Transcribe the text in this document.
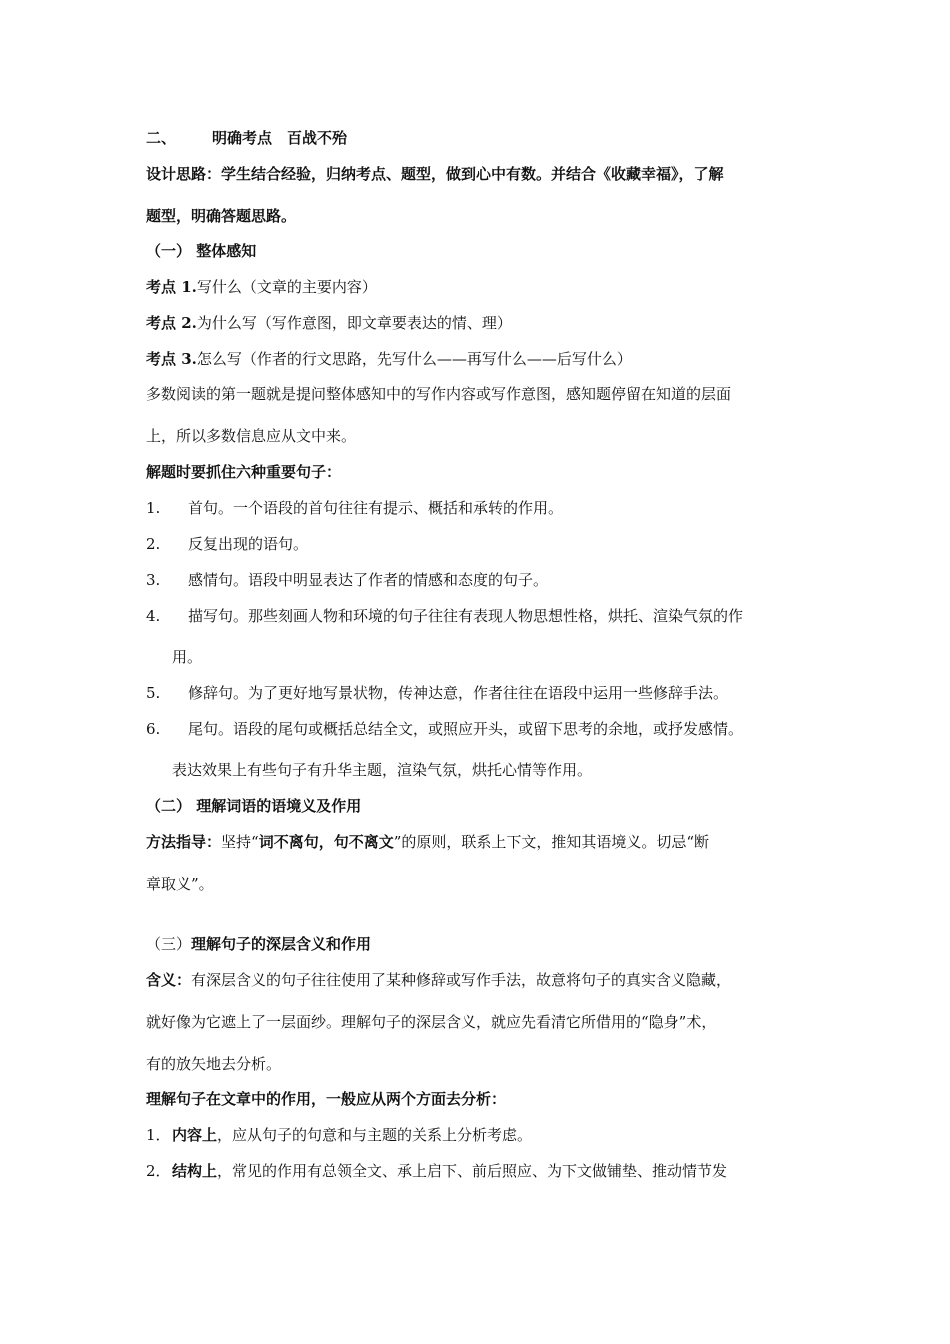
二、 明确考点　百战不殆
设计思路：学生结合经验，归纳考点、题型，做到心中有数。并结合《收藏幸福》，了解
题型，明确答题思路。
（一） 整体感知
考点 1.写什么（文章的主要内容）
考点 2.为什么写（写作意图，即文章要表达的情、理）
考点 3.怎么写（作者的行文思路，先写什么——再写什么——后写什么）
多数阅读的第一题就是提问整体感知中的写作内容或写作意图，感知题停留在知道的层面
上，所以多数信息应从文中来。
解题时要抓住六种重要句子：
1. 首句。一个语段的首句往往有提示、概括和承转的作用。
2. 反复出现的语句。
3. 感情句。语段中明显表达了作者的情感和态度的句子。
4. 描写句。那些刻画人物和环境的句子往往有表现人物思想性格，烘托、渲染气氛的作
用。
5. 修辞句。为了更好地写景状物，传神达意，作者往往在语段中运用一些修辞手法。
6. 尾句。语段的尾句或概括总结全文，或照应开头，或留下思考的余地，或抒发感情。
表达效果上有些句子有升华主题，渲染气氛，烘托心情等作用。
（二） 理解词语的语境义及作用
方法指导：坚持“词不离句，句不离文”的原则，联系上下文，推知其语境义。切忌“断
章取义”。
（三）理解句子的深层含义和作用
含义：有深层含义的句子往往使用了某种修辞或写作手法，故意将句子的真实含义隐藏，
就好像为它遮上了一层面纱。理解句子的深层含义，就应先看清它所借用的“隐身”术，
有的放矢地去分析。
理解句子在文章中的作用，一般应从两个方面去分析：
1．内容上，应从句子的句意和与主题的关系上分析考虑。
2．结构上，常见的作用有总领全文、承上启下、前后照应、为下文做铺垫、推动情节发
